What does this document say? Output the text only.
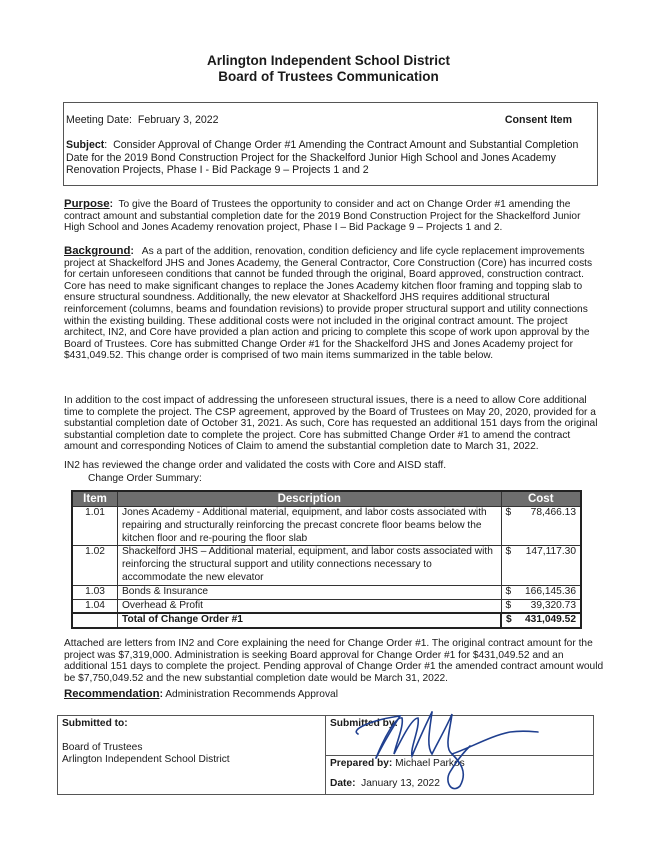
Arlington Independent School District
Board of Trustees Communication
Meeting Date: February 3, 2022	Consent Item
Subject:  Consider Approval of Change Order #1 Amending the Contract Amount and Substantial Completion Date for the 2019 Bond Construction Project for the Shackelford Junior High School and Jones Academy Renovation Projects, Phase I - Bid Package 9 – Projects 1 and 2
Purpose: To give the Board of Trustees the opportunity to consider and act on Change Order #1 amending the contract amount and substantial completion date for the 2019 Bond Construction Project for the Shackelford Junior High School and Jones Academy renovation project, Phase I – Bid Package 9 – Projects 1 and 2.
Background: As a part of the addition, renovation, condition deficiency and life cycle replacement improvements project at Shackelford JHS and Jones Academy, the General Contractor, Core Construction (Core) has incurred costs for certain unforeseen conditions that cannot be funded through the original, Board approved, construction contract. Core has need to make significant changes to replace the Jones Academy kitchen floor framing and topping slab to ensure structural soundness. Additionally, the new elevator at Shackelford JHS requires additional structural reinforcement (columns, beams and foundation revisions) to provide proper structural support and utility connections within the existing building. These additional costs were not included in the original contract amount. The project architect, IN2, and Core have provided a plan action and pricing to complete this scope of work upon approval by the Board of Trustees. Core has submitted Change Order #1 for the Shackelford JHS and Jones Academy project for $431,049.52. This change order is comprised of two main items summarized in the table below.
In addition to the cost impact of addressing the unforeseen structural issues, there is a need to allow Core additional time to complete the project. The CSP agreement, approved by the Board of Trustees on May 20, 2020, provided for a substantial completion date of October 31, 2021. As such, Core has requested an additional 151 days from the original substantial completion date to complete the project. Core has submitted Change Order #1 to amend the contract amount and corresponding Notices of Claim to amend the substantial completion date to March 31, 2022.
IN2 has reviewed the change order and validated the costs with Core and AISD staff.
Change Order Summary:
Item	Description	Cost
1.01	Jones Academy - Additional material, equipment, and labor costs associated with repairing and structurally reinforcing the precast concrete floor beams below the kitchen floor and re-pouring the floor slab	$ 78,466.13

1.02	Shackelford JHS – Additional material, equipment, and labor costs associated with reinforcing the structural support and utility connections necessary to accommodate the new elevator	$ 147,117.30

1.03	Bonds & Insurance	$ 166,145.36

1.04	Overhead & Profit	$ 39,320.73

	Total of Change Order #1	$ 431,049.52
Attached are letters from IN2 and Core explaining the need for Change Order #1. The original contract amount for the project was $7,319,000. Administration is seeking Board approval for Change Order #1 for $431,049.52 and an additional 151 days to complete the project. Pending approval of Change Order #1 the amended contract amount would be $7,750,049.52 and the new substantial completion date would be March 31, 2022.
Recommendation: Administration Recommends Approval
Submitted to:
Board of Trustees
Arlington Independent School District
Submitted by:
Prepared by: Michael Parkos
Date: January 13, 2022
